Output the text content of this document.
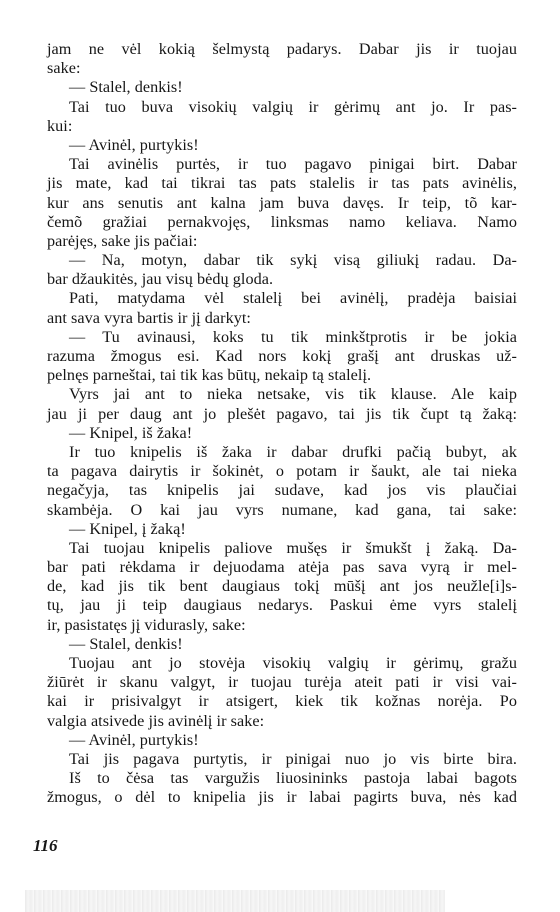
jam ne vėl kokią šelmystą padarys. Dabar jis ir tuojau
sake:
— Stalel, denkis!
Tai tuo buva visokių valgių ir gėrimų ant jo. Ir pas-
kui:
— Avinėl, purtykis!
Tai avinėlis purtės, ir tuo pagavo pinigai birt. Dabar
jis mate, kad tai tikrai tas pats stalelis ir tas pats avinėlis,
kur ans senutis ant kalna jam buva davęs. Ir teip, tõ kar-
čemõ gražiai pernakvojęs, linksmas namo keliava. Namo
parėjęs, sake jis pačiai:
— Na, motyn, dabar tik sykį visą giliukį radau. Da-
bar džaukitės, jau visų bėdų gloda.
Pati, matydama vėl stalelį bei avinėlį, pradėja baisiai
ant sava vyra bartis ir jį darkyt:
— Tu avinausi, koks tu tik minkštprotis ir be jokia
razuma žmogus esi. Kad nors kokį grašį ant druskas už-
pelnęs parneštai, tai tik kas būtų, nekaip tą stalelį.
Vyrs jai ant to nieka netsake, vis tik klause. Ale kaip
jau ji per daug ant jo plešėt pagavo, tai jis tik čupt tą žaką:
— Knipel, iš žaka!
Ir tuo knipelis iš žaka ir dabar drufki pačią bubyt, ak
ta pagava dairytis ir šokinėt, o potam ir šaukt, ale tai nieka
negačyja, tas knipelis jai sudave, kad jos vis plaučiai
skambėja. O kai jau vyrs numane, kad gana, tai sake:
— Knipel, į žaką!
Tai tuojau knipelis paliove mušęs ir šmukšt į žaką. Da-
bar pati rėkdama ir dejuodama atėja pas sava vyrą ir mel-
de, kad jis tik bent daugiaus tokį mūšį ant jos neužle[i]s-
tų, jau ji teip daugiaus nedarys. Paskui ėme vyrs stalelį
ir, pasistatęs jį vidurasly, sake:
— Stalel, denkis!
Tuojau ant jo stovėja visokių valgių ir gėrimų, gražu
žiūrėt ir skanu valgyt, ir tuojau turėja ateit pati ir visi vai-
kai ir prisivalgyt ir atsigert, kiek tik kožnas norėja. Po
valgia atsivede jis avinėlį ir sake:
— Avinėl, purtykis!
Tai jis pagava purtytis, ir pinigai nuo jo vis birte bira.
Iš to čėsa tas vargužis liuosininks pastoja labai bagots
žmogus, o dėl to knipelia jis ir labai pagirts buva, nės kad
116
